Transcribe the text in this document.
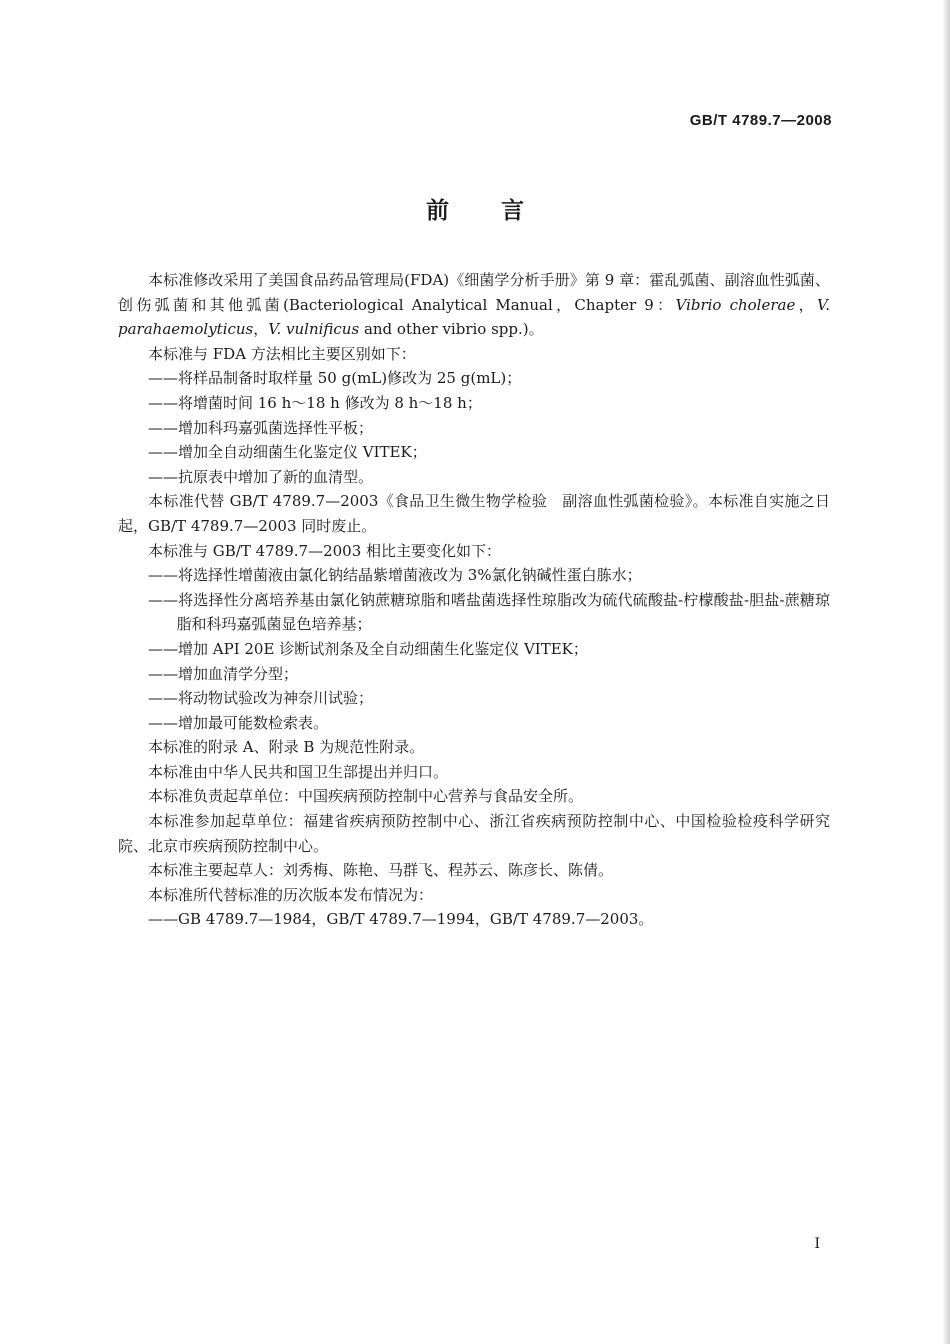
GB/T 4789.7—2008
前言

本标准修改采用了美国食品药品管理局(FDA)《细菌学分析手册》第 9 章：霍乱弧菌、副溶血性弧菌、创伤弧菌和其他弧菌(Bacteriological Analytical Manual，Chapter 9：Vibrio cholerae，V. parahaemolyticus，V. vulnificus and other vibrio spp.)。

本标准与 FDA 方法相比主要区别如下：

——将样品制备时取样量 50 g(mL)修改为 25 g(mL)；

——将增菌时间 16 h～18 h 修改为 8 h～18 h；

——增加科玛嘉弧菌选择性平板；

——增加全自动细菌生化鉴定仪 VITEK；

——抗原表中增加了新的血清型。

本标准代替 GB/T 4789.7—2003《食品卫生微生物学检验　副溶血性弧菌检验》。本标准自实施之日起，GB/T 4789.7—2003 同时废止。

本标准与 GB/T 4789.7—2003 相比主要变化如下：

——将选择性增菌液由氯化钠结晶紫增菌液改为 3%氯化钠碱性蛋白胨水；

——将选择性分离培养基由氯化钠蔗糖琼脂和嗜盐菌选择性琼脂改为硫代硫酸盐-柠檬酸盐-胆盐-蔗糖琼脂和科玛嘉弧菌显色培养基；

——增加 API 20E 诊断试剂条及全自动细菌生化鉴定仪 VITEK；

——增加血清学分型；

——将动物试验改为神奈川试验；

——增加最可能数检索表。

本标准的附录 A、附录 B 为规范性附录。

本标准由中华人民共和国卫生部提出并归口。

本标准负责起草单位：中国疾病预防控制中心营养与食品安全所。

本标准参加起草单位：福建省疾病预防控制中心、浙江省疾病预防控制中心、中国检验检疫科学研究院、北京市疾病预防控制中心。

本标准主要起草人：刘秀梅、陈艳、马群飞、程苏云、陈彦长、陈倩。

本标准所代替标准的历次版本发布情况为：

——GB 4789.7—1984，GB/T 4789.7—1994，GB/T 4789.7—2003。

I
